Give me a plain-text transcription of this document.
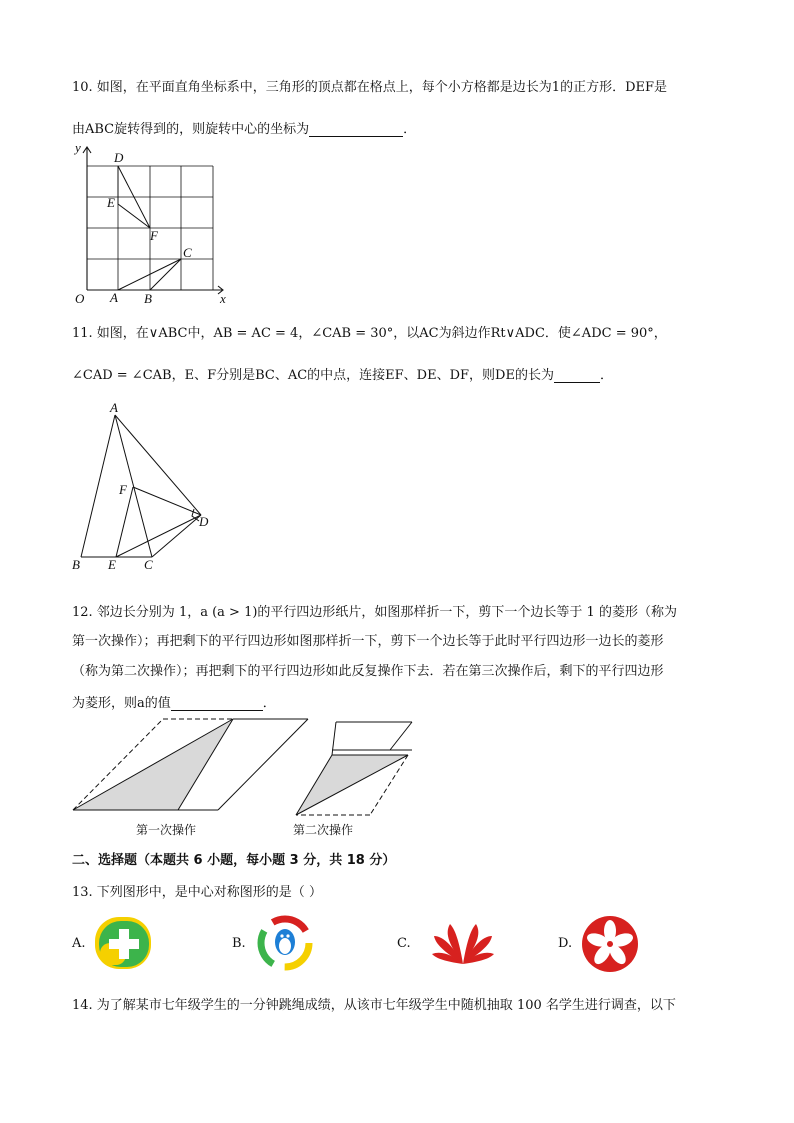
10. 如图，在平面直角坐标系中，三角形的顶点都在格点上，每个小方格都是边长为1的正方形．DEF是
由ABC旋转得到的，则旋转中心的坐标为	．
y
D
E
F
C
O A B	x
11. 如图，在∨ABC中，AB = AC = 4，∠CAB = 30°，以AC为斜边作Rt∨ADC．使∠ADC = 90°，
∠CAD = ∠CAB，E、F分别是BC、AC的中点，连接EF、DE、DF，则DE的长为	．
A
F
D
B E C
12. 邻边长分别为 1，a (a > 1)的平行四边形纸片，如图那样折一下，剪下一个边长等于 1 的菱形（称为
第一次操作）；再把剩下的平行四边形如图那样折一下，剪下一个边长等于此时平行四边形一边长的菱形
（称为第二次操作）；再把剩下的平行四边形如此反复操作下去．若在第三次操作后，剩下的平行四边形
为菱形，则a的值	．
第一次操作	第二次操作
二、选择题（本题共 6 小题，每小题 3 分，共 18 分）
13. 下列图形中，是中心对称图形的是（ ）
A.	B.	C.	D.
14. 为了解某市七年级学生的一分钟跳绳成绩，从该市七年级学生中随机抽取 100 名学生进行调查，以下
